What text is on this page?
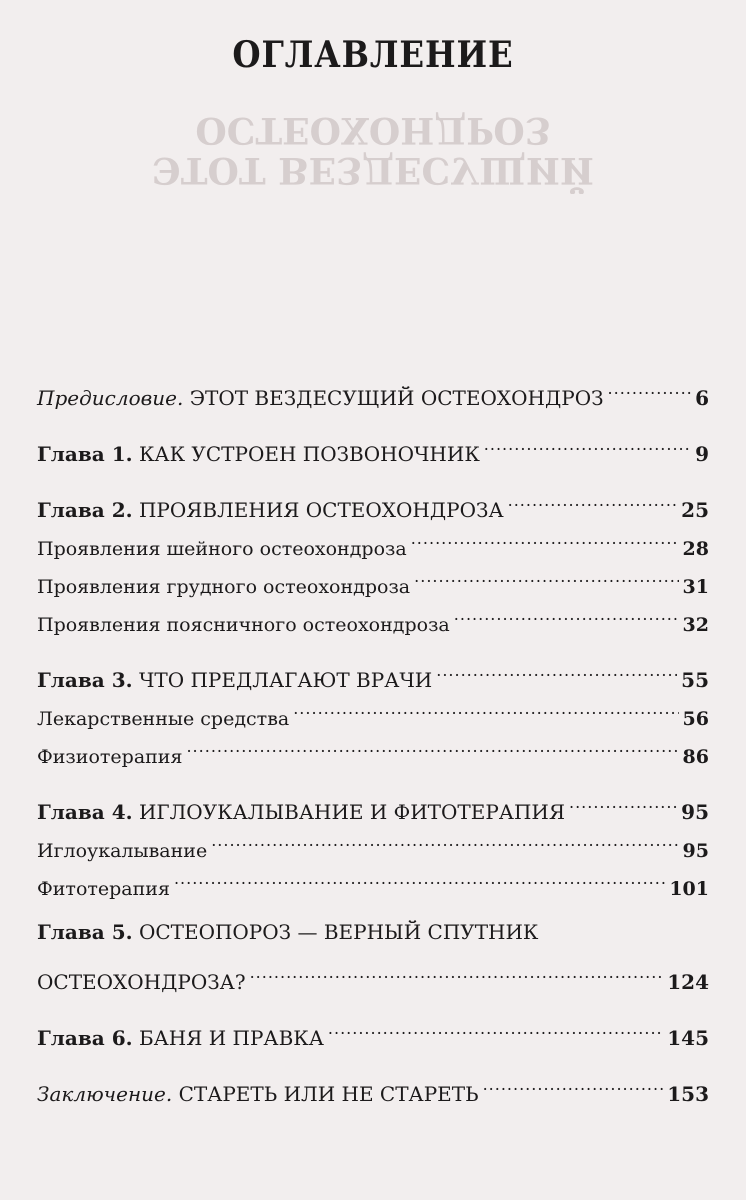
ЭТОТ ВЕЗДЕСУЩИЙ
ОСТЕОХОНДРОЗ
ОГЛАВЛЕНИЕ
Предисловие. ЭТОТ ВЕЗДЕСУЩИЙ ОСТЕОХОНДРОЗ .....	6
Глава 1. КАК УСТРОЕН ПОЗВОНОЧНИК .....	9
Глава 2. ПРОЯВЛЕНИЯ ОСТЕОХОНДРОЗА .....	25
Проявления шейного остеохондроза .....	28
Проявления грудного остеохондроза .....	31
Проявления поясничного остеохондроза .....	32
Глава 3. ЧТО ПРЕДЛАГАЮТ ВРАЧИ .....	55
Лекарственные средства .....	56
Физиотерапия .....	86
Глава 4. ИГЛОУКАЛЫВАНИЕ И ФИТОТЕРАПИЯ .....	95
Иглоукалывание .....	95
Фитотерапия .....	101
Глава 5. ОСТЕОПОРОЗ — ВЕРНЫЙ СПУТНИК
ОСТЕОХОНДРОЗА? .....	124
Глава 6. БАНЯ И ПРАВКА .....	145
Заключение. СТАРЕТЬ ИЛИ НЕ СТАРЕТЬ .....	153
